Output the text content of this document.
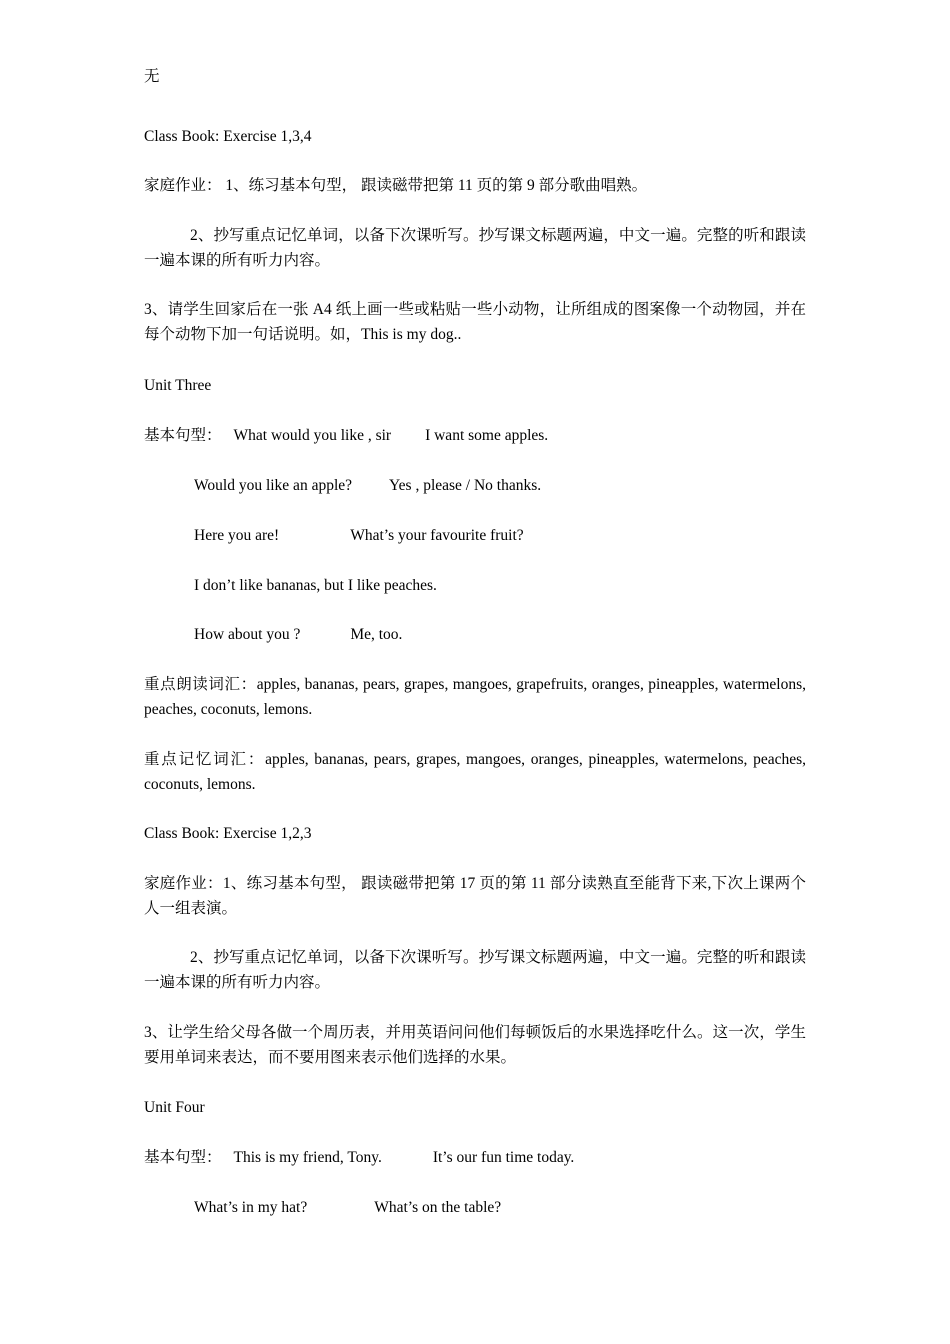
无
Class Book: Exercise 1,3,4
家庭作业： 1、练习基本句型， 跟读磁带把第 11 页的第 9 部分歌曲唱熟。
2、抄写重点记忆单词，以备下次课听写。抄写课文标题两遍，中文一遍。完整的听和跟读一遍本课的所有听力内容。
3、请学生回家后在一张 A4 纸上画一些或粘贴一些小动物，让所组成的图案像一个动物园，并在每个动物下加一句话说明。如，This is my dog..
Unit Three
基本句型： What would you like , sir I want some apples.
Would you like an apple? Yes , please / No thanks.
Here you are!	What’s your favourite fruit?
I don’t like bananas, but I like peaches.
How about you ?	Me, too.
重点朗读词汇：apples, bananas, pears, grapes, mangoes, grapefruits, oranges, pineapples, watermelons, peaches, coconuts, lemons.
重点记忆词汇：apples, bananas, pears, grapes, mangoes, oranges, pineapples, watermelons, peaches, coconuts, lemons.
Class Book: Exercise 1,2,3
家庭作业：1、练习基本句型， 跟读磁带把第 17 页的第 11 部分读熟直至能背下来,下次上课两个人一组表演。
2、抄写重点记忆单词，以备下次课听写。抄写课文标题两遍，中文一遍。完整的听和跟读一遍本课的所有听力内容。
3、让学生给父母各做一个周历表，并用英语问问他们每顿饭后的水果选择吃什么。这一次，学生要用单词来表达，而不要用图来表示他们选择的水果。
Unit Four
基本句型： This is my friend, Tony.	It’s our fun time today.
What’s in my hat?	What’s on the table?
